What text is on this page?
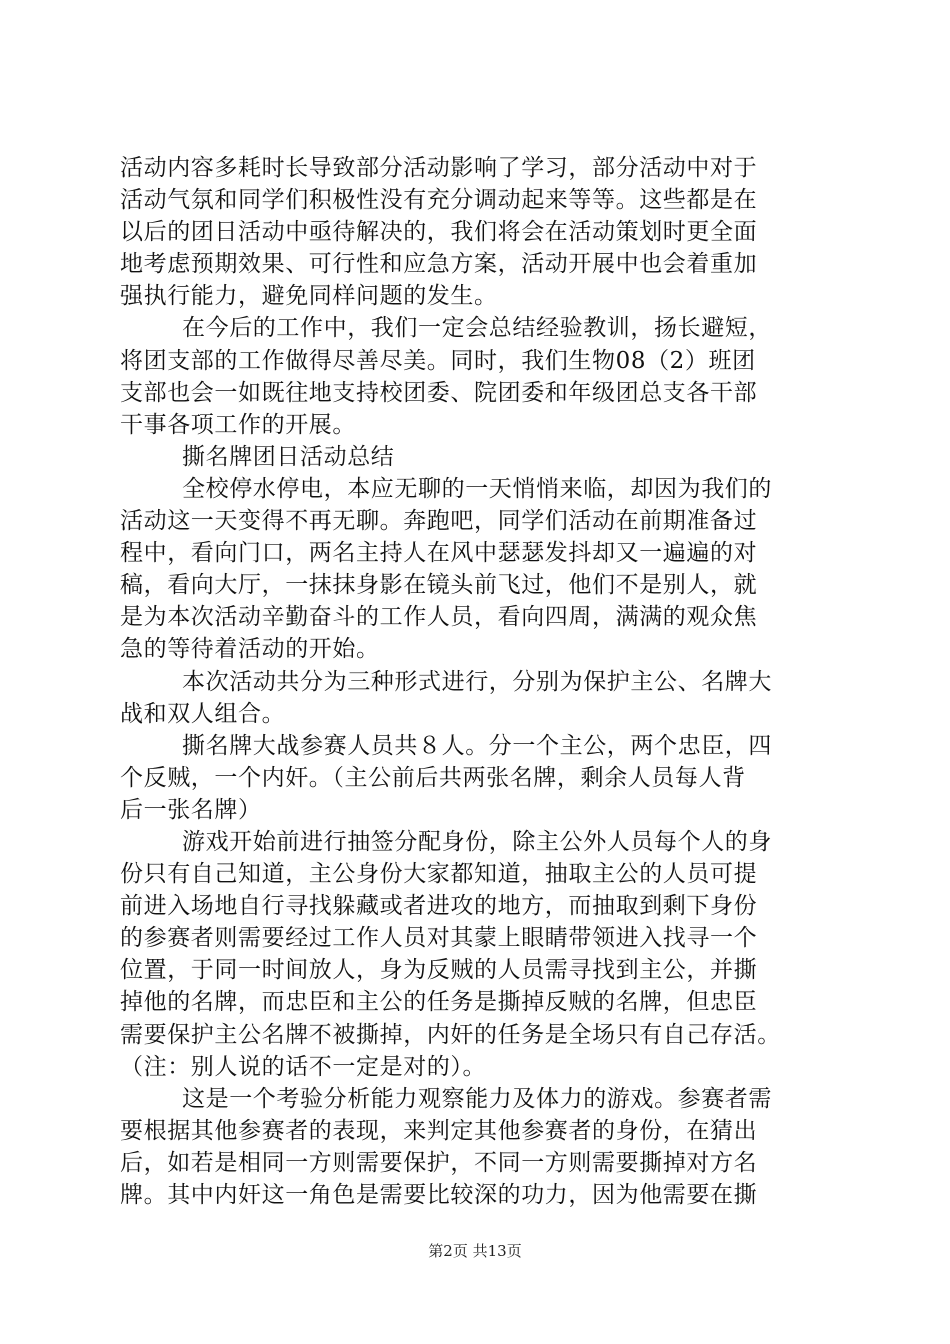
活动内容多耗时长导致部分活动影响了学习，部分活动中对于
活动气氛和同学们积极性没有充分调动起来等等。这些都是在
以后的团日活动中亟待解决的，我们将会在活动策划时更全面
地考虑预期效果、可行性和应急方案，活动开展中也会着重加
强执行能力，避免同样问题的发生。
在今后的工作中，我们一定会总结经验教训，扬长避短，
将团支部的工作做得尽善尽美。同时，我们生物08（2）班团
支部也会一如既往地支持校团委、院团委和年级团总支各干部
干事各项工作的开展。
撕名牌团日活动总结
全校停水停电，本应无聊的一天悄悄来临，却因为我们的
活动这一天变得不再无聊。奔跑吧，同学们活动在前期准备过
程中，看向门口，两名主持人在风中瑟瑟发抖却又一遍遍的对
稿，看向大厅，一抹抹身影在镜头前飞过，他们不是别人，就
是为本次活动辛勤奋斗的工作人员，看向四周，满满的观众焦
急的等待着活动的开始。
本次活动共分为三种形式进行，分别为保护主公、名牌大
战和双人组合。
撕名牌大战参赛人员共８人。分一个主公，两个忠臣，四
个反贼，一个内奸。（主公前后共两张名牌，剩余人员每人背
后一张名牌）
游戏开始前进行抽签分配身份，除主公外人员每个人的身
份只有自己知道，主公身份大家都知道，抽取主公的人员可提
前进入场地自行寻找躲藏或者进攻的地方，而抽取到剩下身份
的参赛者则需要经过工作人员对其蒙上眼睛带领进入找寻一个
位置，于同一时间放人，身为反贼的人员需寻找到主公，并撕
掉他的名牌，而忠臣和主公的任务是撕掉反贼的名牌，但忠臣
需要保护主公名牌不被撕掉，内奸的任务是全场只有自己存活。
（注：别人说的话不一定是对的）。
这是一个考验分析能力观察能力及体力的游戏。参赛者需
要根据其他参赛者的表现，来判定其他参赛者的身份，在猜出
后，如若是相同一方则需要保护，不同一方则需要撕掉对方名
牌。其中内奸这一角色是需要比较深的功力，因为他需要在撕
第2页 共13页
